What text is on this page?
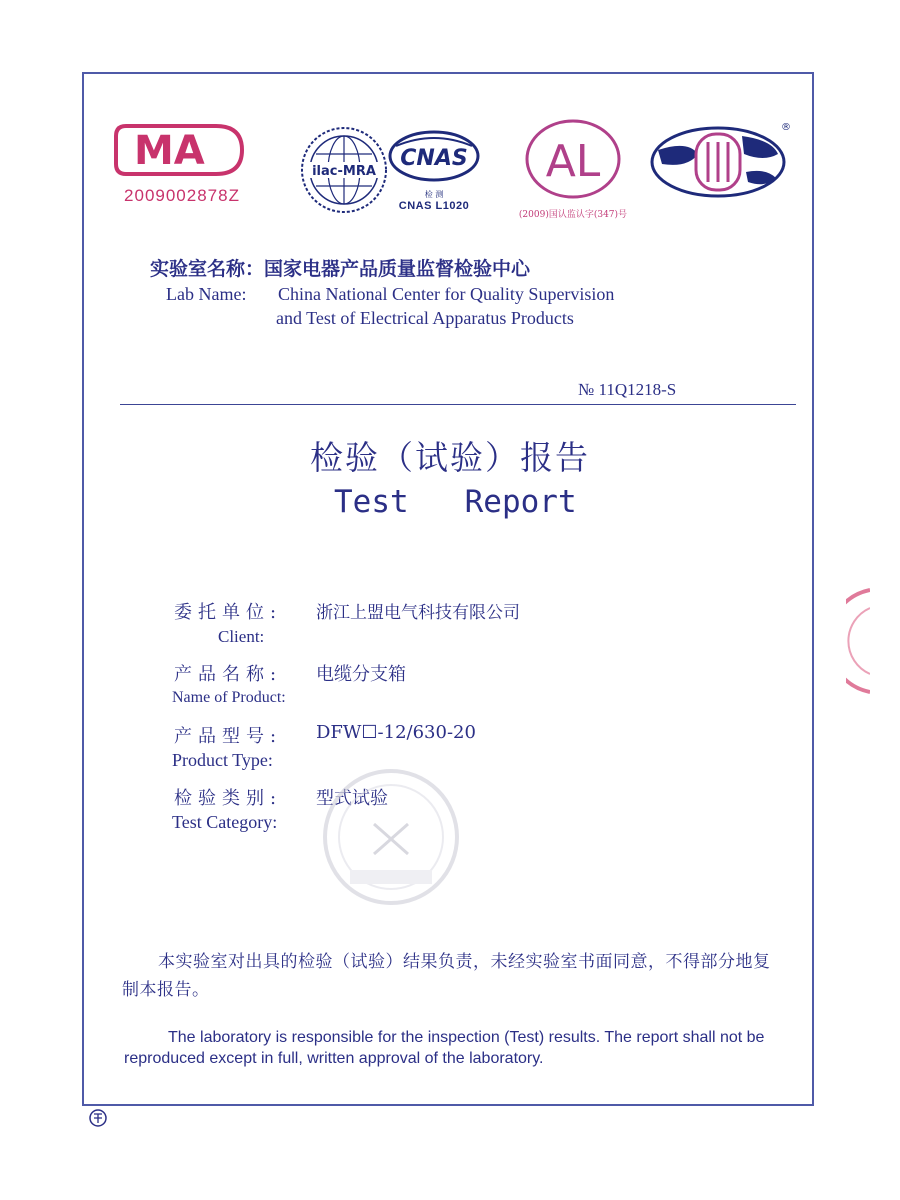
MA
2009002878Z
ilac-MRA
CNAS
检 测
CNAS L1020
AL
(2009)国认监认字(347)号
®
实验室名称：国家电器产品质量监督检验中心
Lab Name: China National Center for Quality Supervision
and Test of Electrical Apparatus Products
№ 11Q1218-S
检验（试验）报告
Test   Report
委托单位: 浙江上盟电气科技有限公司
Client:
产品名称: 电缆分支箱
Name of Product:
产品型号: DFW☐-12/630-20
Product Type:
检验类别: 型式试验
Test Category:
本实验室对出具的检验（试验）结果负责，未经实验室书面同意，不得部分地复制本报告。
The laboratory is responsible for the inspection (Test) results. The report shall not be reproduced except in full, written approval of the laboratory.
